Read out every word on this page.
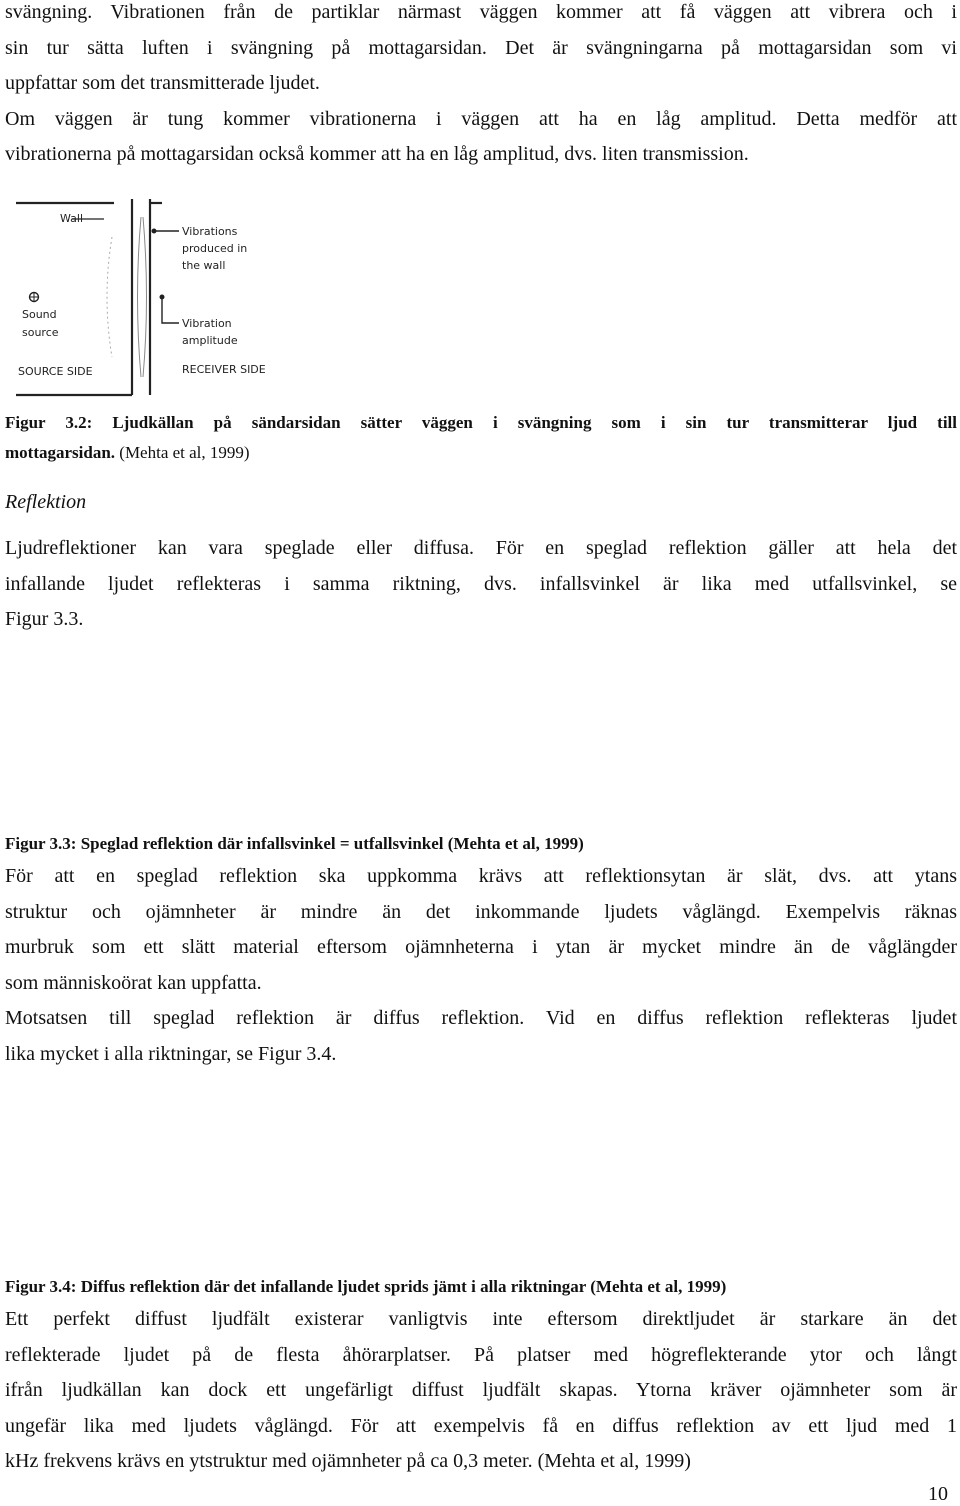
svängning. Vibrationen från de partiklar närmast väggen kommer att få väggen att vibrera och i
sin tur sätta luften i svängning på mottagarsidan. Det är svängningarna på mottagarsidan som vi
uppfattar som det transmitterade ljudet.
Om väggen är tung kommer vibrationerna i väggen att ha en låg amplitud. Detta medför att
vibrationerna på mottagarsidan också kommer att ha en låg amplitud, dvs. liten transmission.
Wall
Vibrations
produced in
the wall
Sound
source
Vibration
amplitude
SOURCE SIDE	RECEIVER SIDE
Figur 3.2: Ljudkällan på sändarsidan sätter väggen i svängning som i sin tur transmitterar ljud till
mottagarsidan. (Mehta et al, 1999)
Reflektion
Ljudreflektioner kan vara speglade eller diffusa. För en speglad reflektion gäller att hela det
infallande ljudet reflekteras i samma riktning, dvs. infallsvinkel är lika med utfallsvinkel, se
Figur 3.3.
Figur 3.3: Speglad reflektion där infallsvinkel = utfallsvinkel (Mehta et al, 1999)
För att en speglad reflektion ska uppkomma krävs att reflektionsytan är slät, dvs. att ytans
struktur och ojämnheter är mindre än det inkommande ljudets våglängd. Exempelvis räknas
murbruk som ett slätt material eftersom ojämnheterna i ytan är mycket mindre än de våglängder
som människoörat kan uppfatta.
Motsatsen till speglad reflektion är diffus reflektion. Vid en diffus reflektion reflekteras ljudet
lika mycket i alla riktningar, se Figur 3.4.
Figur 3.4: Diffus reflektion där det infallande ljudet sprids jämt i alla riktningar (Mehta et al, 1999)
Ett perfekt diffust ljudfält existerar vanligtvis inte eftersom direktljudet är starkare än det
reflekterade ljudet på de flesta åhörarplatser. På platser med högreflekterande ytor och långt
ifrån ljudkällan kan dock ett ungefärligt diffust ljudfält skapas. Ytorna kräver ojämnheter som är
ungefär lika med ljudets våglängd. För att exempelvis få en diffus reflektion av ett ljud med 1
kHz frekvens krävs en ytstruktur med ojämnheter på ca 0,3 meter. (Mehta et al, 1999)
10
